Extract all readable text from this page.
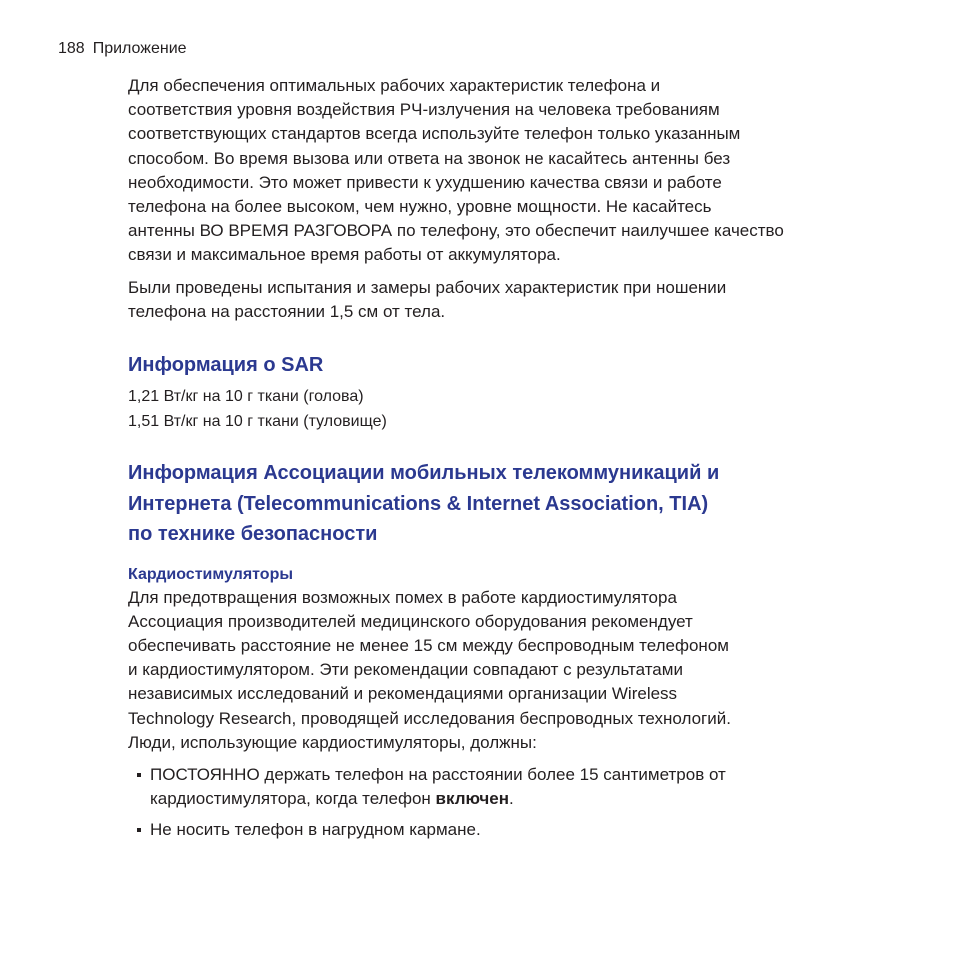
188 Приложение

Для обеспечения оптимальных рабочих характеристик телефона и
соответствия уровня воздействия РЧ-излучения на человека требованиям
соответствующих стандартов всегда используйте телефон только указанным
способом. Во время вызова или ответа на звонок не касайтесь антенны без
необходимости. Это может привести к ухудшению качества связи и работе
телефона на более высоком, чем нужно, уровне мощности. Не касайтесь
антенны ВО ВРЕМЯ РАЗГОВОРА по телефону, это обеспечит наилучшее качество
связи и максимальное время работы от аккумулятора.

Были проведены испытания и замеры рабочих характеристик при ношении
телефона на расстоянии 1,5 см от тела.

Информация о SAR
1,21 Вт/кг на 10 г ткани (голова)
1,51 Вт/кг на 10 г ткани (туловище)
Информация Ассоциации мобильных телекоммуникаций и
Интернета (Telecommunications & Internet Association, TIA)
по технике безопасности
Кардиостимуляторы

Для предотвращения возможных помех в работе кардиостимулятора
Ассоциация производителей медицинского оборудования рекомендует
обеспечивать расстояние не менее 15 см между беспроводным телефоном
и кардиостимулятором. Эти рекомендации совпадают с результатами
независимых исследований и рекомендациями организации Wireless
Technology Research, проводящей исследования беспроводных технологий.
Люди, использующие кардиостимуляторы, должны:

ПОСТОЯННО держать телефон на расстоянии более 15 сантиметров от
кардиостимулятора, когда телефон включен.
Не носить телефон в нагрудном кармане.
